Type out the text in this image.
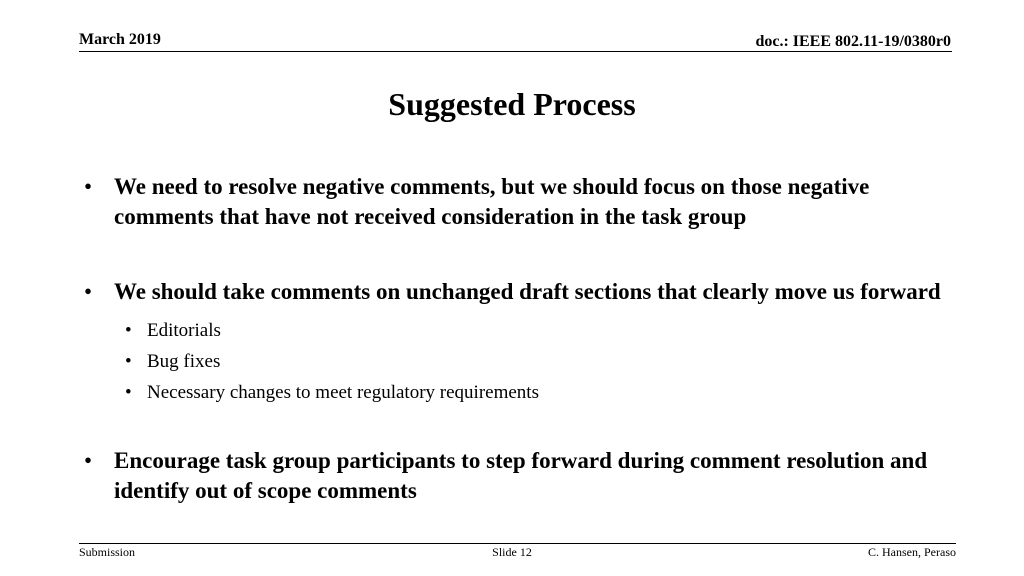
March 2019	doc.: IEEE 802.11-19/0380r0
Suggested Process
• We need to resolve negative comments, but we should focus on those negative comments that have not received consideration in the task group
• We should take comments on unchanged draft sections that clearly move us forward
• Editorials
• Bug fixes
• Necessary changes to meet regulatory requirements
• Encourage task group participants to step forward during comment resolution and identify out of scope comments
Submission	Slide 12	C. Hansen, Peraso
